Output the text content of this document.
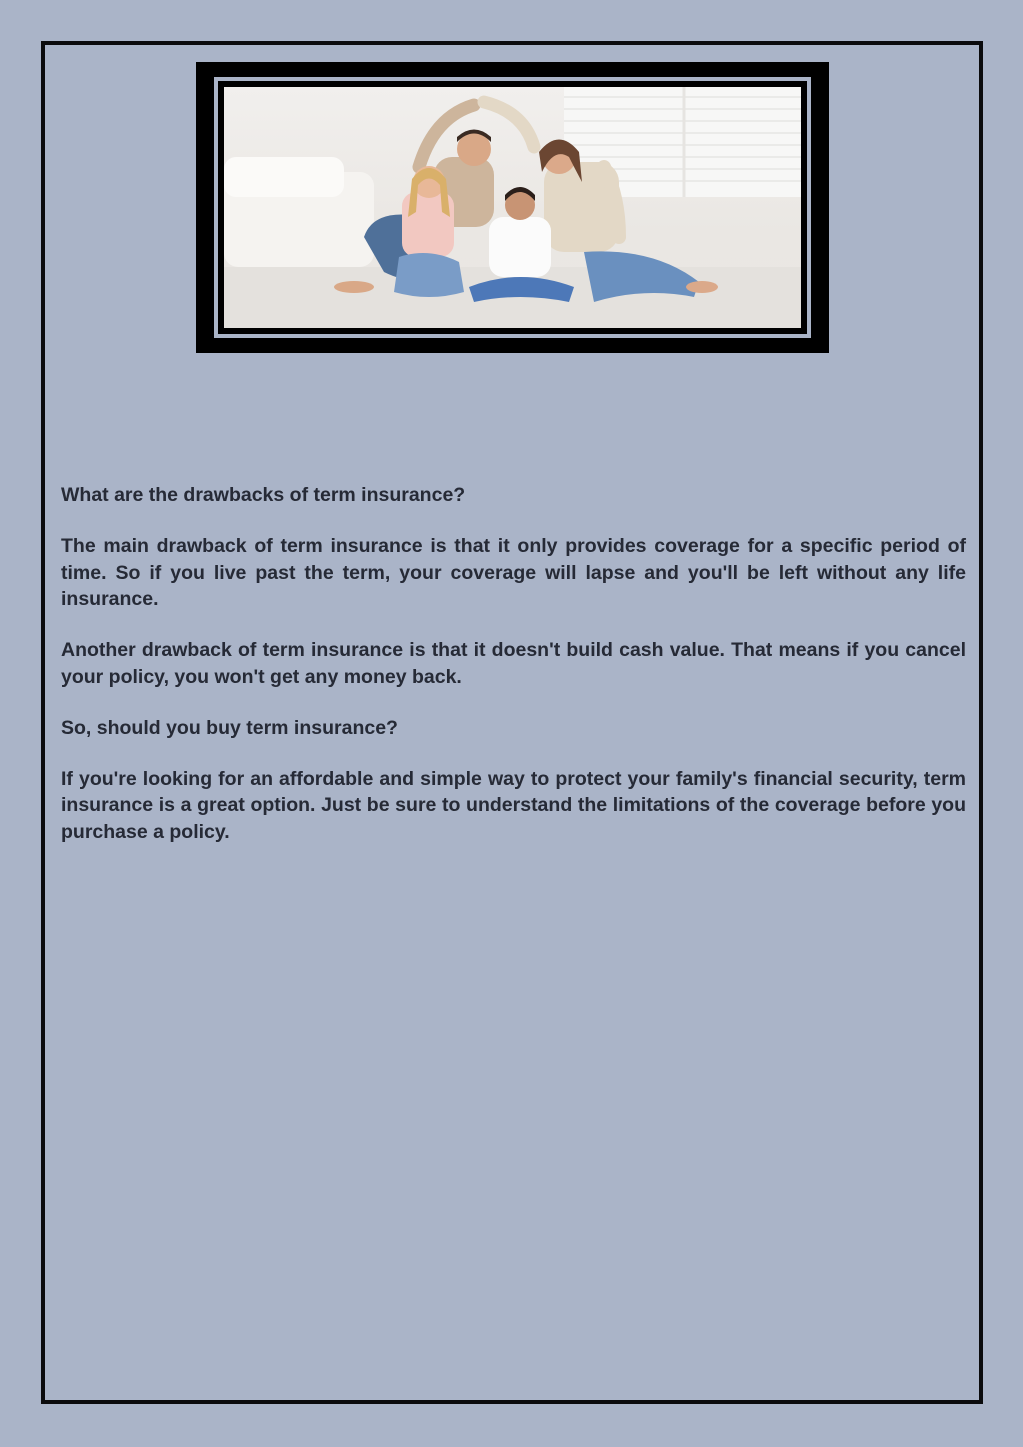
What are the drawbacks of term insurance?

The main drawback of term insurance is that it only provides coverage for a specific period of time. So if you live past the term, your coverage will lapse and you'll be left without any life insurance.

Another drawback of term insurance is that it doesn't build cash value. That means if you cancel your policy, you won't get any money back.

So, should you buy term insurance?

If you're looking for an affordable and simple way to protect your family's financial security, term insurance is a great option. Just be sure to understand the limitations of the coverage before you purchase a policy.
